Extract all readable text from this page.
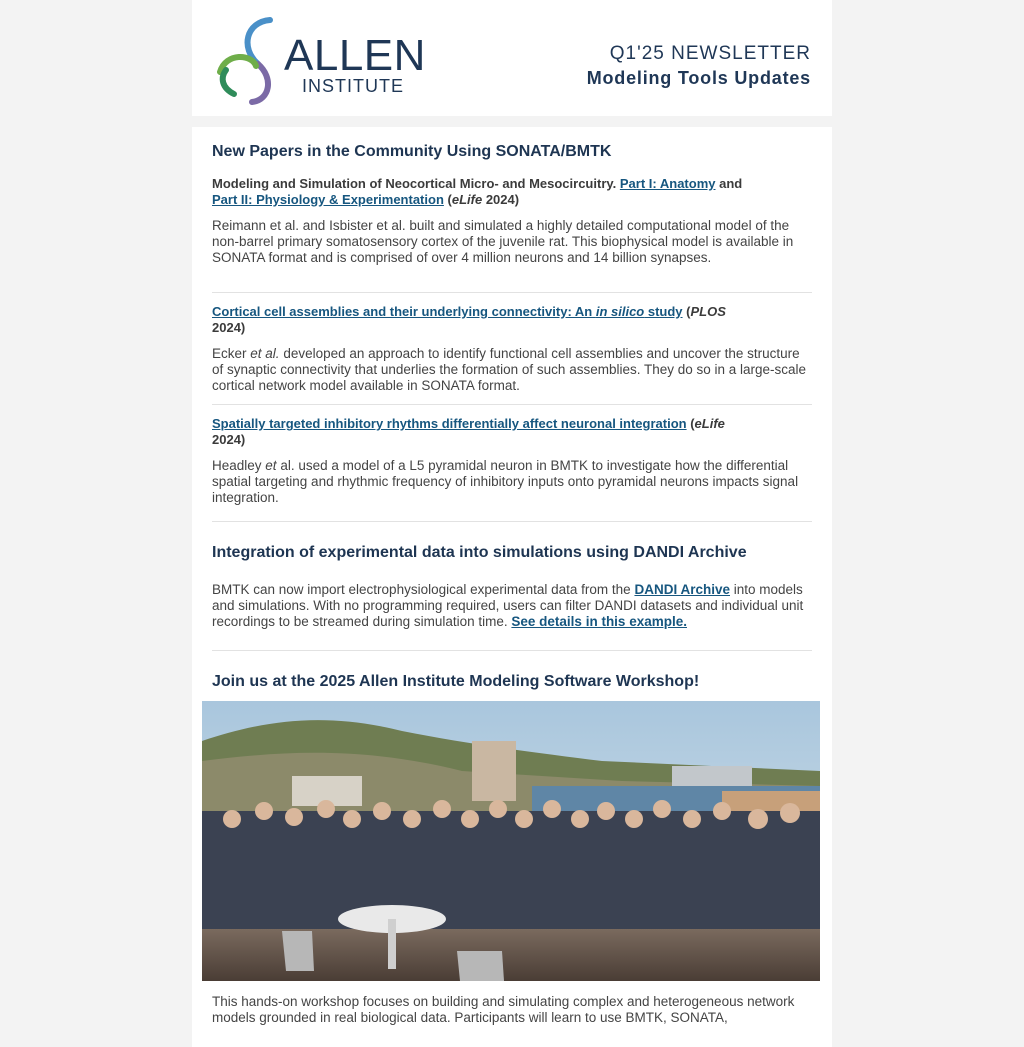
ALLEN
INSTITUTE
Q1'25 NEWSLETTER
Modeling Tools Updates
New Papers in the Community Using SONATA/BMTK
Modeling and Simulation of Neocortical Micro- and Mesocircuitry. Part I: Anatomy and
Part II: Physiology & Experimentation (eLife 2024)
Reimann et al. and Isbister et al. built and simulated a highly detailed computational model of the non-barrel primary somatosensory cortex of the juvenile rat. This biophysical model is available in SONATA format and is comprised of over 4 million neurons and 14 billion synapses.
Cortical cell assemblies and their underlying connectivity: An in silico study (PLOS
2024)
Ecker et al. developed an approach to identify functional cell assemblies and uncover the structure of synaptic connectivity that underlies the formation of such assemblies. They do so in a large-scale cortical network model available in SONATA format.
Spatially targeted inhibitory rhythms differentially affect neuronal integration (eLife
2024)
Headley et al. used a model of a L5 pyramidal neuron in BMTK to investigate how the differential spatial targeting and rhythmic frequency of inhibitory inputs onto pyramidal neurons impacts signal integration.
Integration of experimental data into simulations using DANDI Archive
BMTK can now import electrophysiological experimental data from the DANDI Archive into models and simulations. With no programming required, users can filter DANDI datasets and individual unit recordings to be streamed during simulation time. See details in this example.
Join us at the 2025 Allen Institute Modeling Software Workshop!
This hands-on workshop focuses on building and simulating complex and heterogeneous network models grounded in real biological data. Participants will learn to use BMTK, SONATA,
